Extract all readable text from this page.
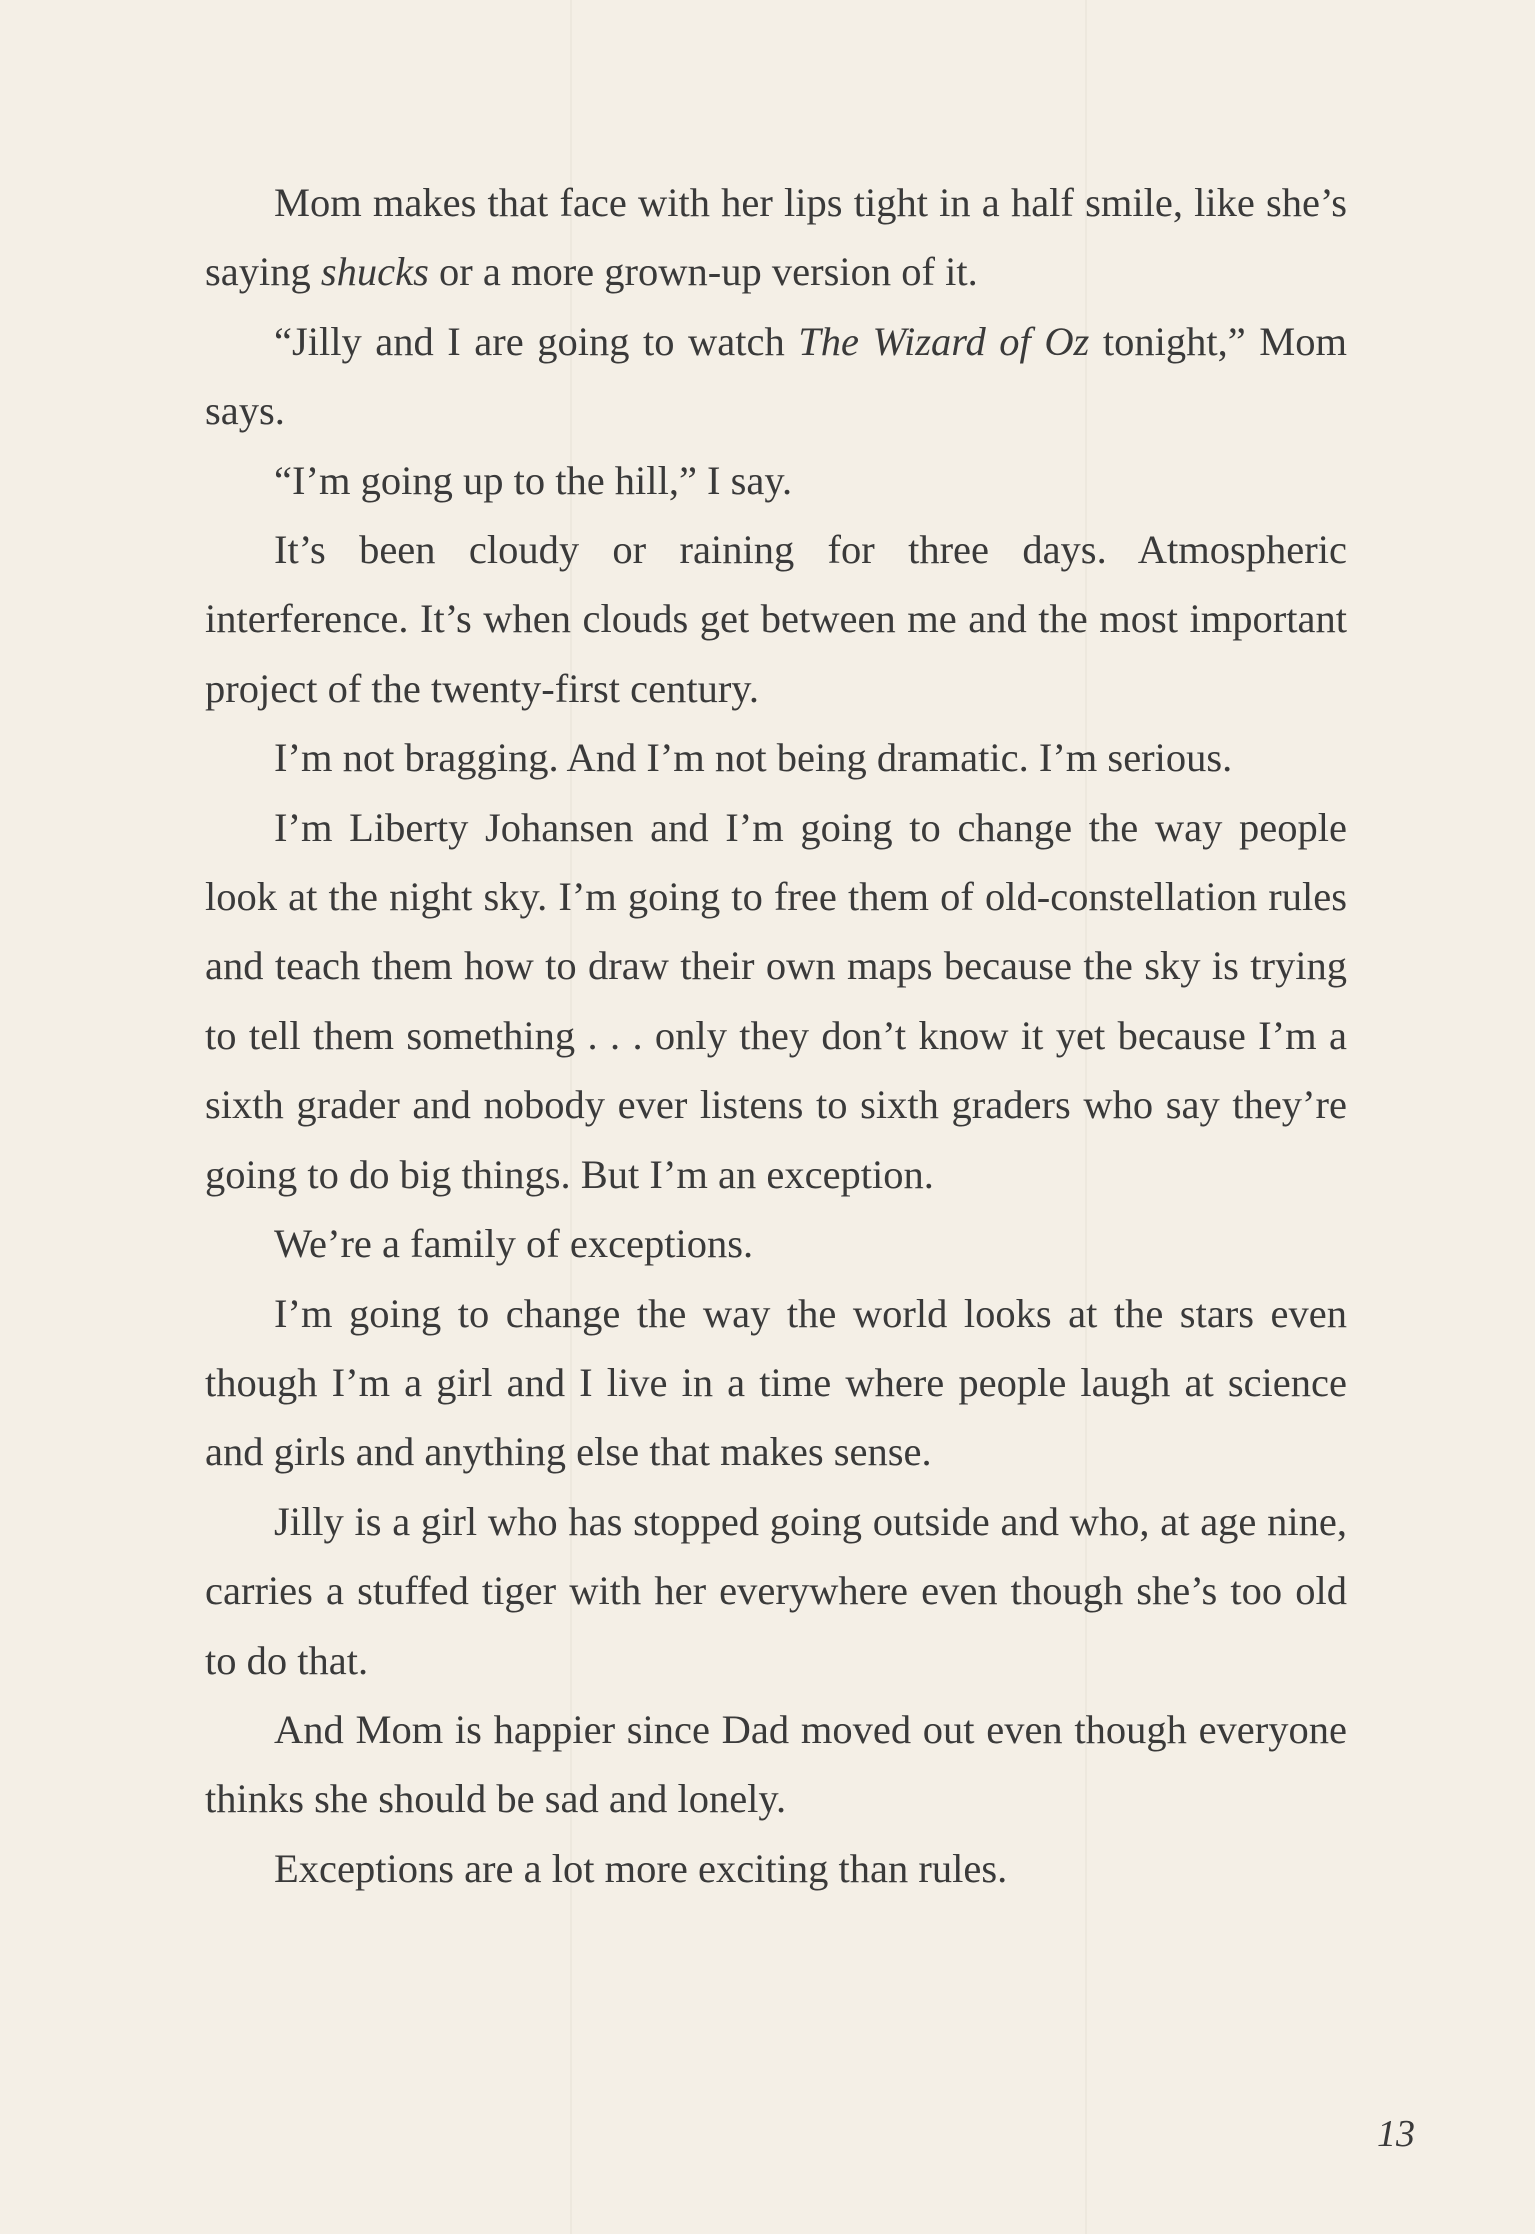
Mom makes that face with her lips tight in a half smile, like she’s saying shucks or a more grown-up version of it.

“Jilly and I are going to watch The Wizard of Oz tonight,” Mom says.

“I’m going up to the hill,” I say.

It’s been cloudy or raining for three days. Atmospheric interference. It’s when clouds get between me and the most important project of the twenty-first century.

I’m not bragging. And I’m not being dramatic. I’m serious.

I’m Liberty Johansen and I’m going to change the way people look at the night sky. I’m going to free them of old-constellation rules and teach them how to draw their own maps because the sky is trying to tell them something . . . only they don’t know it yet because I’m a sixth grader and nobody ever listens to sixth graders who say they’re going to do big things. But I’m an exception.

We’re a family of exceptions.

I’m going to change the way the world looks at the stars even though I’m a girl and I live in a time where people laugh at science and girls and anything else that makes sense.

Jilly is a girl who has stopped going outside and who, at age nine, carries a stuffed tiger with her everywhere even though she’s too old to do that.

And Mom is happier since Dad moved out even though everyone thinks she should be sad and lonely.

Exceptions are a lot more exciting than rules.

13
